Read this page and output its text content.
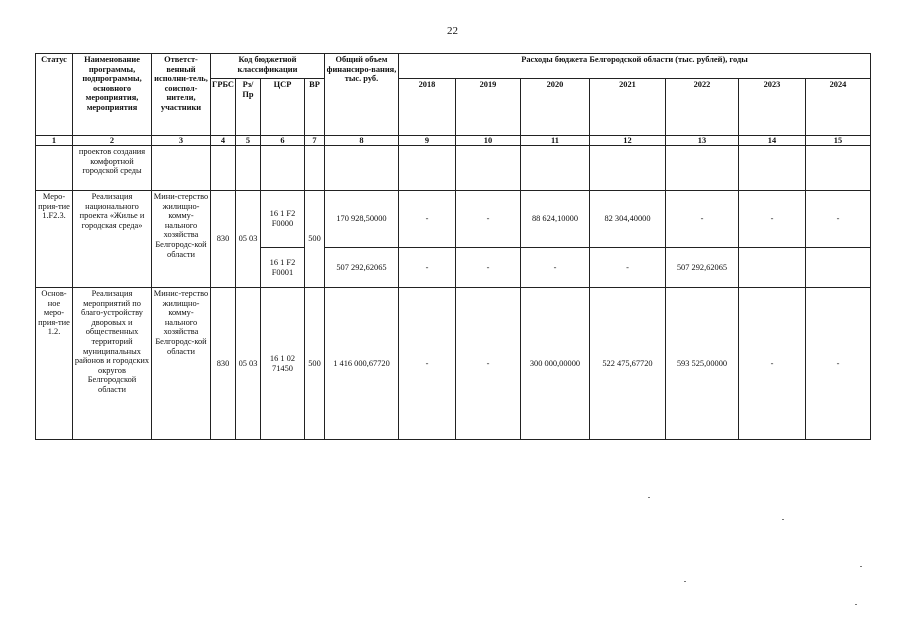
22
Статус	Наименование программы, подпрограммы, основного мероприятия, мероприятия	Ответст-венный исполни-тель, соиспол-нители, участники	Код бюджетной классификации				Общий объем финансиро-вания, тыс. руб.	Расходы бюджета Белгородской области (тыс. рублей), годы						
			ГРБС	Рз/ Пр	ЦСР	ВР		2018	2019	2020	2021	2022	2023	2024
1	2	3	4	5	6	7	8	9	10	11	12	13	14	15
	проектов создания комфортной городской среды													
Меро-прия-тие 1.F2.3.	Реализация национального проекта «Жилье и городская среда»	Мини-стерство жилищно-комму-нального хозяйства Белгородс-кой области	830	05 03	16 1 F2 F0000	500	170 928,50000	-	-	88 624,10000	82 304,40000	-	-	-
					16 1 F2 F0001		507 292,62065	-	-	-	-	507 292,62065		
Основ-ное меро-прия-тие 1.2.	Реализация мероприятий по благо-устройству дворовых и общественных территорий муниципальных районов и городских округов Белгородской области	Минис-терство жилищно-комму-нального хозяйства Белгородс-кой области	830	05 03	16 1 02 71450	500	1 416 000,67720	-	-	300 000,00000	522 475,67720	593 525,00000	-	-
